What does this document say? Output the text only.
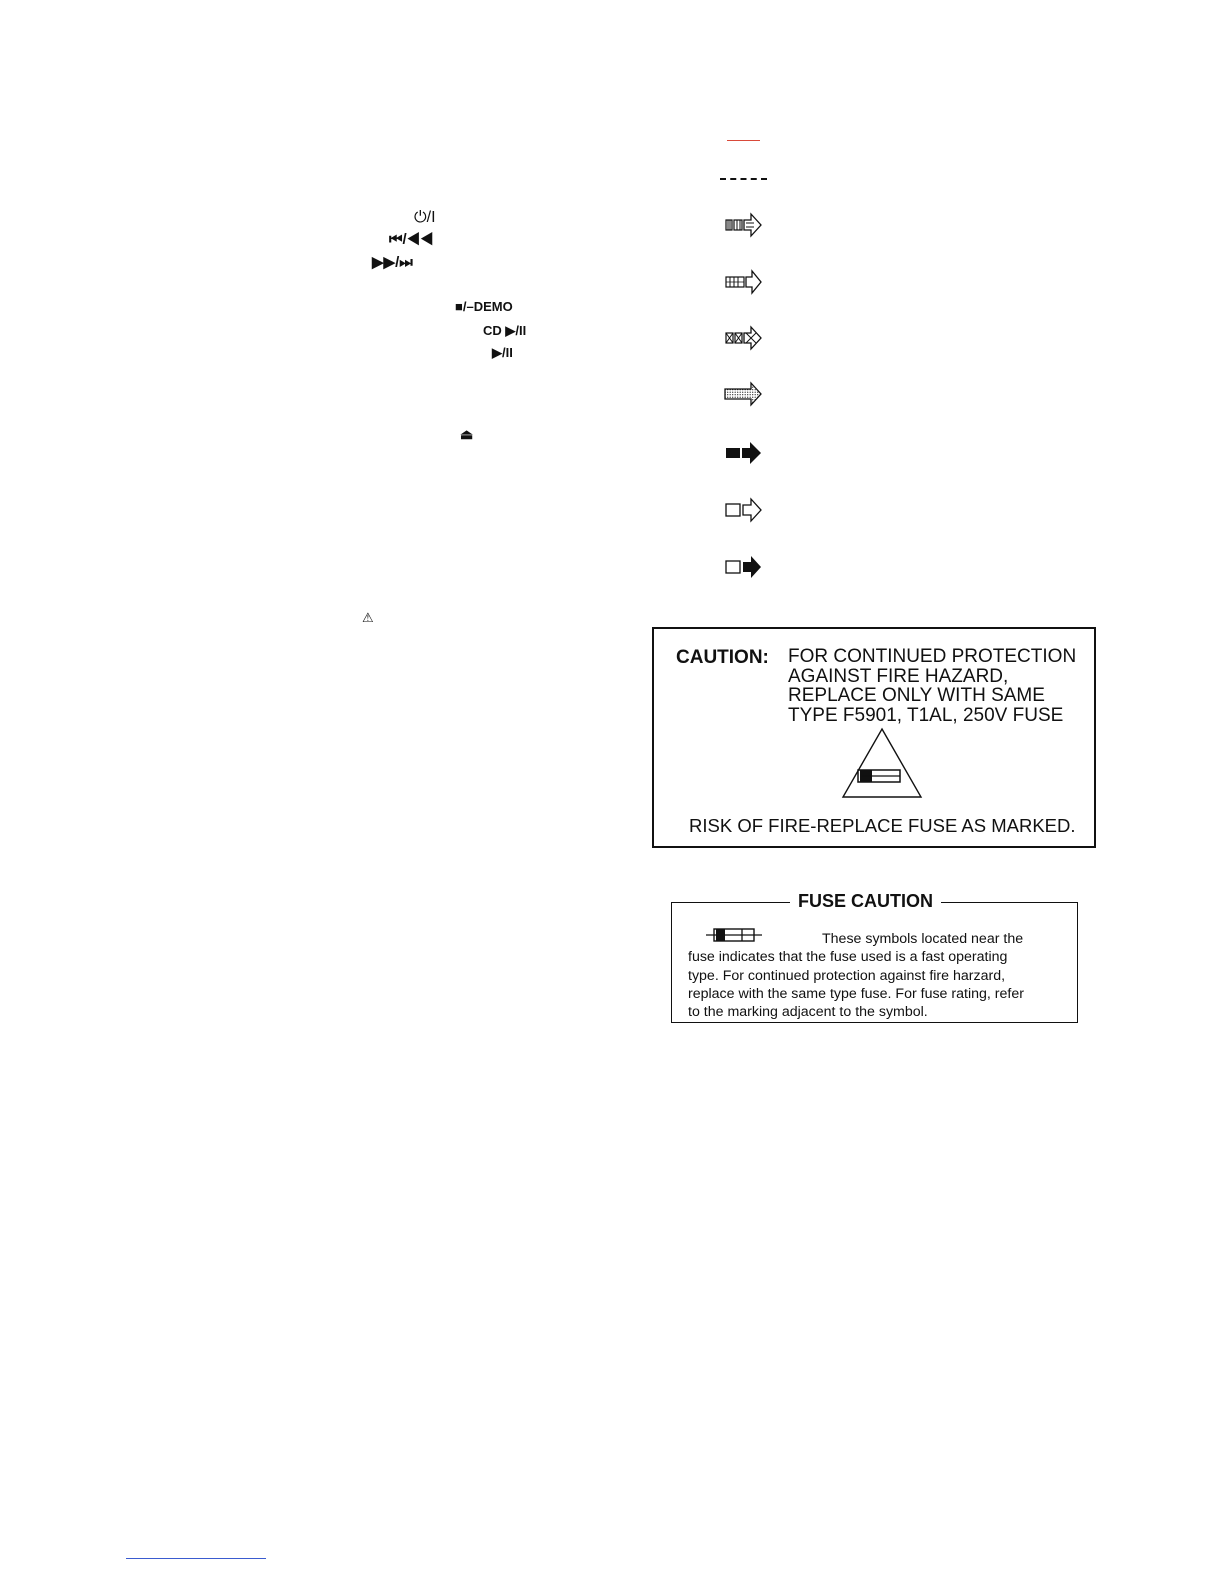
⏻/I
⏮/◀◀
▶▶/⏭
■/–DEMO
CD ▶/II
▶/II
⏏
⚠
CAUTION: FOR CONTINUED PROTECTION
AGAINST FIRE HAZARD,
REPLACE ONLY WITH SAME
TYPE F5901, T1AL, 250V FUSE
RISK OF FIRE-REPLACE FUSE AS MARKED.
FUSE CAUTION
These symbols located near the
fuse indicates that the fuse used is a fast operating
type. For continued protection against fire harzard,
replace with the same type fuse. For fuse rating, refer
to the marking adjacent to the symbol.
